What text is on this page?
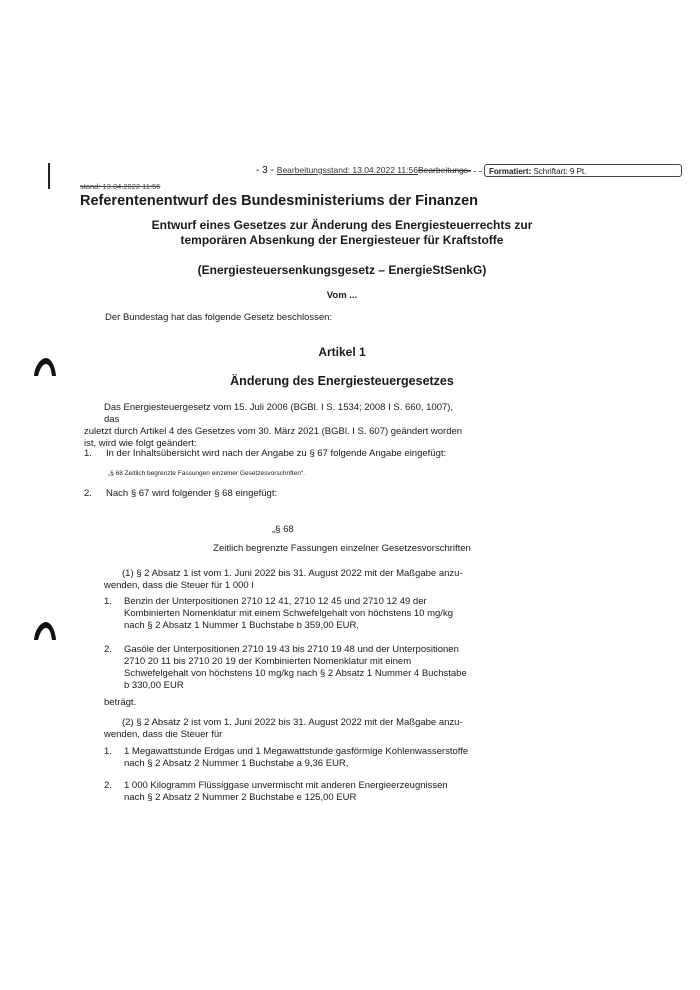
- 3 - Bearbeitungsstand: 13.04.2022 11:56Bearbeitungs-	Formatiert: Schriftart: 9 Pt.
stand: 13.04.2022 11:56
Referentenentwurf des Bundesministeriums der Finanzen
Entwurf eines Gesetzes zur Änderung des Energiesteuerrechts zur
temporären Absenkung der Energiesteuer für Kraftstoffe
(Energiesteuersenkungsgesetz – EnergieStSenkG)
Vom ...
Der Bundestag hat das folgende Gesetz beschlossen:
Artikel 1
Änderung des Energiesteuergesetzes
Das Energiesteuergesetz vom 15. Juli 2006 (BGBl. I S. 1534; 2008 I S. 660, 1007), das
zuletzt durch Artikel 4 des Gesetzes vom 30. März 2021 (BGBl. I S. 607) geändert worden
ist, wird wie folgt geändert:
1. In der Inhaltsübersicht wird nach der Angabe zu § 67 folgende Angabe eingefügt:
„§ 68 Zeitlich begrenzte Fassungen einzelner Gesetzesvorschriften“.
2. Nach § 67 wird folgender § 68 eingefügt:
„§ 68
Zeitlich begrenzte Fassungen einzelner Gesetzesvorschriften
(1) § 2 Absatz 1 ist vom 1. Juni 2022 bis 31. August 2022 mit der Maßgabe anzu-
wenden, dass die Steuer für 1 000 l
1. Benzin der Unterpositionen 2710 12 41, 2710 12 45 und 2710 12 49 der Kombinierten Nomenklatur mit einem Schwefelgehalt von höchstens 10 mg/kg nach § 2 Absatz 1 Nummer 1 Buchstabe b 359,00 EUR,
2. Gasöle der Unterpositionen 2710 19 43 bis 2710 19 48 und der Unterpositionen 2710 20 11 bis 2710 20 19 der Kombinierten Nomenklatur mit einem Schwefelgehalt von höchstens 10 mg/kg nach § 2 Absatz 1 Nummer 4 Buchstabe b 330,00 EUR
beträgt.
(2) § 2 Absatz 2 ist vom 1. Juni 2022 bis 31. August 2022 mit der Maßgabe anzu-
wenden, dass die Steuer für
1. 1 Megawattstunde Erdgas und 1 Megawattstunde gasförmige Kohlenwasserstoffe nach § 2 Absatz 2 Nummer 1 Buchstabe a 9,36 EUR,
2. 1 000 Kilogramm Flüssiggase unvermischt mit anderen Energieerzeugnissen nach § 2 Absatz 2 Nummer 2 Buchstabe e 125,00 EUR
